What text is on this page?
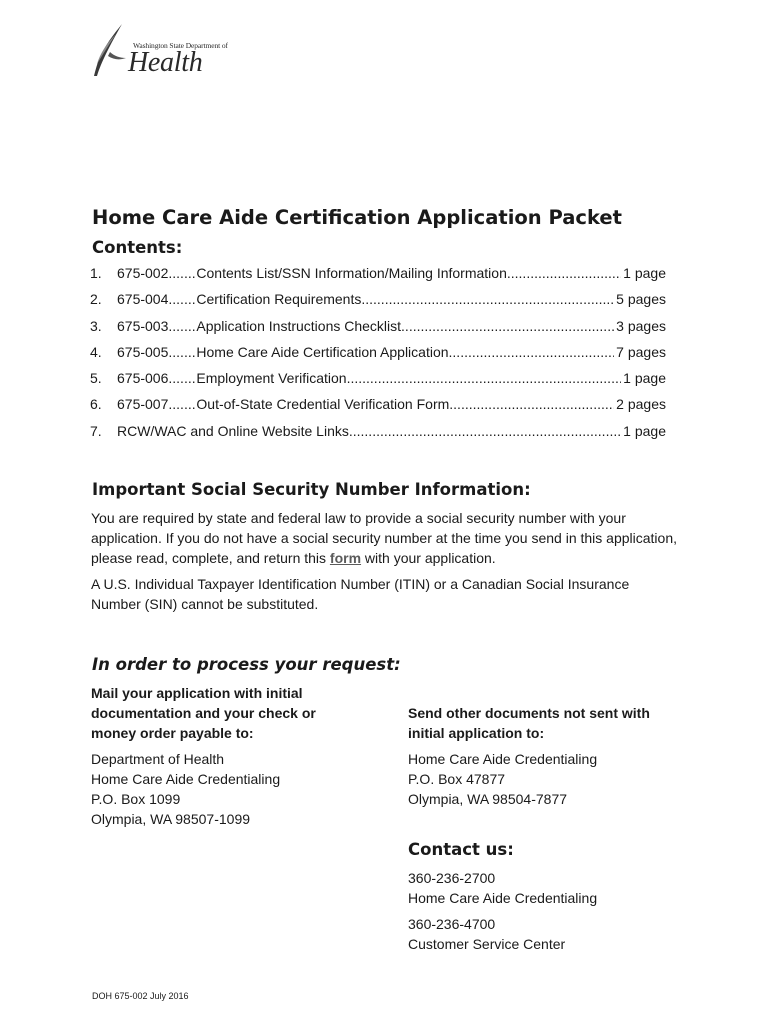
Washington State Department of
Health
Home Care Aide Certification Application Packet
Contents:
1.	675-002 ..... Contents List/SSN Information/Mailing Information .....	1 page
2.	675-004 ..... Certification Requirements .....	5 pages
3.	675-003 ..... Application Instructions Checklist .....	3 pages
4.	675-005 ..... Home Care Aide Certification Application .....	7 pages
5.	675-006 ..... Employment Verification .....	1 page
6.	675-007 ..... Out-of-State Credential Verification Form .....	2 pages
7.	RCW/WAC and Online Website Links .....	1 page
Important Social Security Number Information:

You are required by state and federal law to provide a social security number with your application. If you do not have a social security number at the time you send in this application, please read, complete, and return this form with your application.

A U.S. Individual Taxpayer Identification Number (ITIN) or a Canadian Social Insurance Number (SIN) cannot be substituted.

In order to process your request:
Mail your application with initial documentation and your check or money order payable to:
Department of Health
Home Care Aide Credentialing
P.O. Box 1099
Olympia, WA 98507-1099
Send other documents not sent with initial application to:
Home Care Aide Credentialing
P.O. Box 47877
Olympia, WA 98504-7877
Contact us:
360-236-2700
Home Care Aide Credentialing
360-236-4700
Customer Service Center
DOH 675-002 July 2016
